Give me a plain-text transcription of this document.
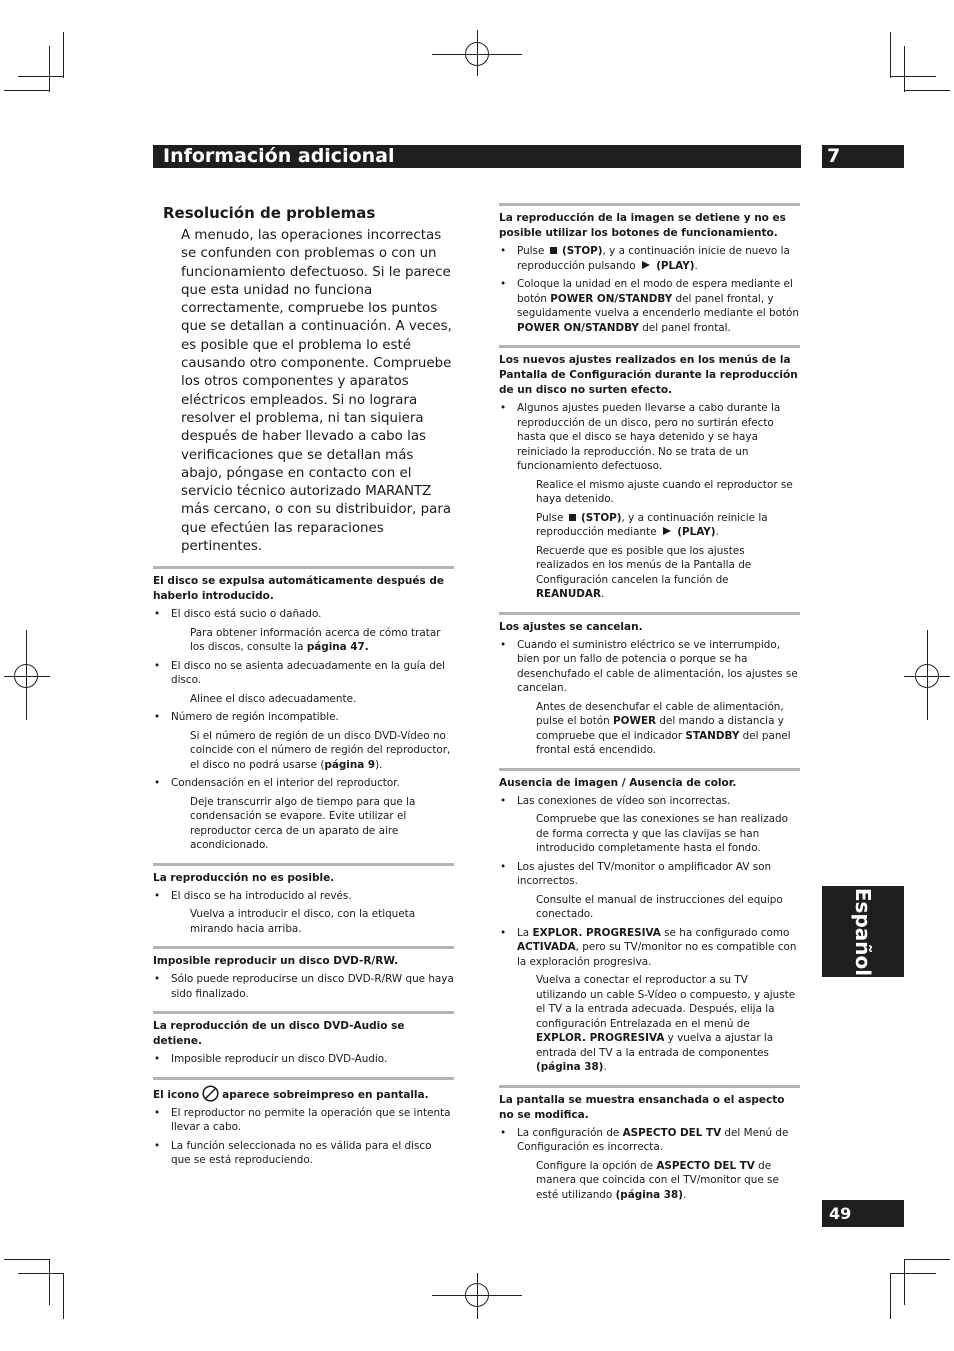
Información adicional	7
Español
49
Resolución de problemas

A menudo, las operaciones incorrectas se confunden con problemas o con un funcionamiento defectuoso. Si le parece que esta unidad no funciona correctamente, compruebe los puntos que se detallan a continuación. A veces, es posible que el problema lo esté causando otro componente. Compruebe los otros componentes y aparatos eléctricos empleados. Si no lograra resolver el problema, ni tan siquiera después de haber llevado a cabo las verificaciones que se detallan más abajo, póngase en contacto con el servicio técnico autorizado MARANTZ más cercano, o con su distribuidor, para que efectúen las reparaciones pertinentes.

El disco se expulsa automáticamente después de haberlo introducido.
• El disco está sucio o dañado.
Para obtener información acerca de cómo tratar los discos, consulte la página 47.
• El disco no se asienta adecuadamente en la guía del disco.
Alinee el disco adecuadamente.
• Número de región incompatible.
Si el número de región de un disco DVD-Vídeo no coincide con el número de región del reproductor, el disco no podrá usarse (página 9).
• Condensación en el interior del reproductor.
Deje transcurrir algo de tiempo para que la condensación se evapore. Evite utilizar el reproductor cerca de un aparato de aire acondicionado.
La reproducción no es posible.
• El disco se ha introducido al revés.
Vuelva a introducir el disco, con la etiqueta mirando hacia arriba.
Imposible reproducir un disco DVD-R/RW.
• Sólo puede reproducirse un disco DVD-R/RW que haya sido finalizado.
La reproducción de un disco DVD-Audio se detiene.
• Imposible reproducir un disco DVD-Audio.
El icono aparece sobreimpreso en pantalla.
• El reproductor no permite la operación que se intenta llevar a cabo.
• La función seleccionada no es válida para el disco que se está reproduciendo.
La reproducción de la imagen se detiene y no es posible utilizar los botones de funcionamiento.
• Pulse (STOP), y a continuación inicie de nuevo la reproducción pulsando (PLAY).
• Coloque la unidad en el modo de espera mediante el botón POWER ON/STANDBY del panel frontal, y seguidamente vuelva a encenderlo mediante el botón POWER ON/STANDBY del panel frontal.
Los nuevos ajustes realizados en los menús de la Pantalla de Configuración durante la reproducción de un disco no surten efecto.
• Algunos ajustes pueden llevarse a cabo durante la reproducción de un disco, pero no surtirán efecto hasta que el disco se haya detenido y se haya reiniciado la reproducción. No se trata de un funcionamiento defectuoso.
Realice el mismo ajuste cuando el reproductor se haya detenido.
Pulse (STOP), y a continuación reinicie la reproducción mediante (PLAY).
Recuerde que es posible que los ajustes realizados en los menús de la Pantalla de Configuración cancelen la función de REANUDAR.
Los ajustes se cancelan.
• Cuando el suministro eléctrico se ve interrumpido, bien por un fallo de potencia o porque se ha desenchufado el cable de alimentación, los ajustes se cancelan.
Antes de desenchufar el cable de alimentación, pulse el botón POWER del mando a distancia y compruebe que el indicador STANDBY del panel frontal está encendido.
Ausencia de imagen / Ausencia de color.
• Las conexiones de vídeo son incorrectas.
Compruebe que las conexiones se han realizado de forma correcta y que las clavijas se han introducido completamente hasta el fondo.
• Los ajustes del TV/monitor o amplificador AV son incorrectos.
Consulte el manual de instrucciones del equipo conectado.
• La EXPLOR. PROGRESIVA se ha configurado como ACTIVADA, pero su TV/monitor no es compatible con la exploración progresiva.
Vuelva a conectar el reproductor a su TV utilizando un cable S-Vídeo o compuesto, y ajuste el TV a la entrada adecuada. Después, elija la configuración Entrelazada en el menú de EXPLOR. PROGRESIVA y vuelva a ajustar la entrada del TV a la entrada de componentes (página 38).
La pantalla se muestra ensanchada o el aspecto no se modifica.
• La configuración de ASPECTO DEL TV del Menú de Configuración es incorrecta.
Configure la opción de ASPECTO DEL TV de manera que coincida con el TV/monitor que se esté utilizando (página 38).
